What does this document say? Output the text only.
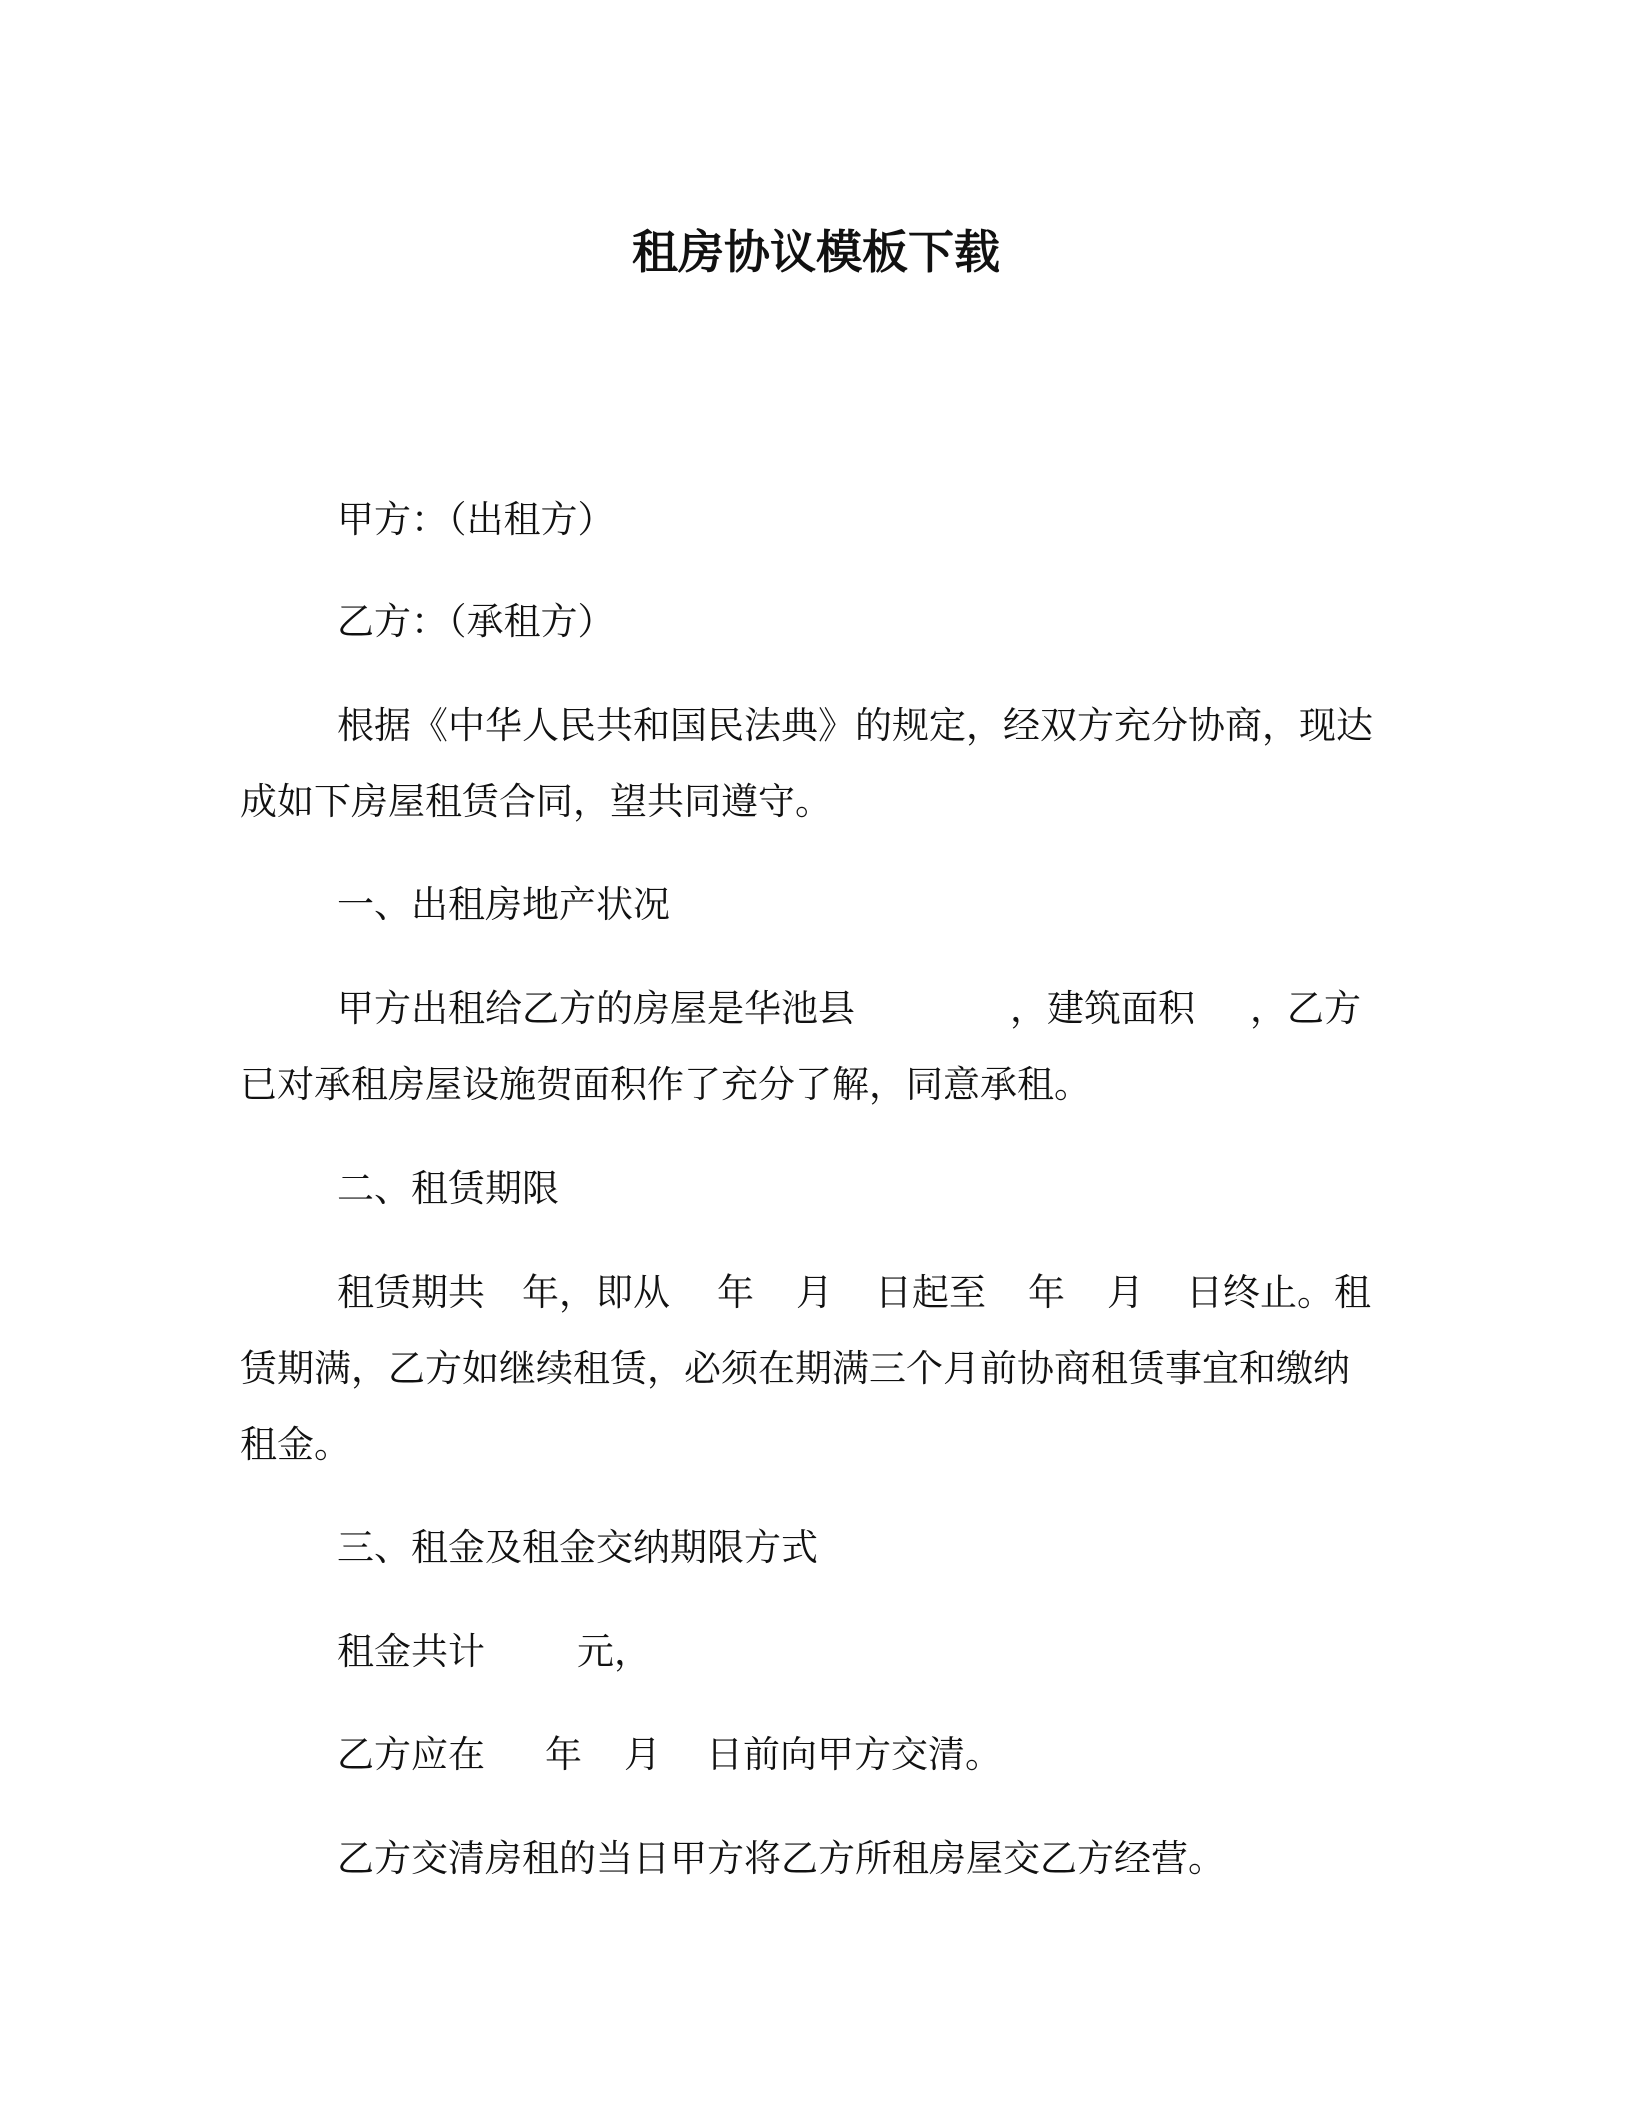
租房协议模板下载
甲方：（出租方）
乙方：（承租方）
根据《中华人民共和国民法典》的规定，经双方充分协商，现达
成如下房屋租赁合同，望共同遵守。
一、出租房地产状况
甲方出租给乙方的房屋是华池县	，建筑面积 ，乙方
已对承租房屋设施贺面积作了充分了解，同意承租。
二、租赁期限
租赁期共 年，即从 年 月 日起至 年 月 日终止。租
赁期满，乙方如继续租赁，必须在期满三个月前协商租赁事宜和缴纳
租金。
三、租金及租金交纳期限方式
租金共计 元，
乙方应在 年 月 日前向甲方交清。
乙方交清房租的当日甲方将乙方所租房屋交乙方经营。
